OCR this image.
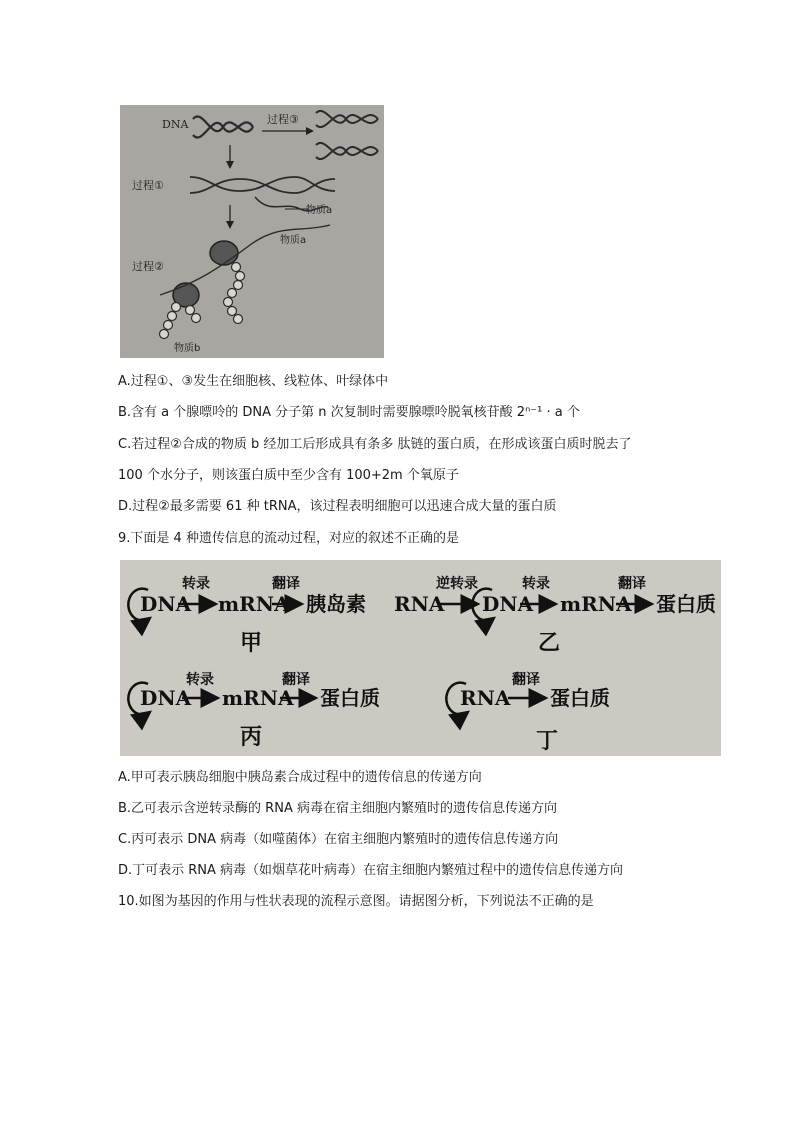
DNA	过程③
过程①
物质a
过程②
物质a
物质b
A.过程①、③发生在细胞核、线粒体、叶绿体中
B.含有 a 个腺嘌呤的 DNA 分子第 n 次复制时需要腺嘌呤脱氧核苷酸 2ⁿ⁻¹ · a 个
C.若过程②合成的物质 b 经加工后形成具有条多 肽链的蛋白质，在形成该蛋白质时脱去了
100 个水分子，则该蛋白质中至少含有 100+2m 个氧原子
D.过程②最多需要 61 种 tRNA，该过程表明细胞可以迅速合成大量的蛋白质
9.下面是 4 种遗传信息的流动过程，对应的叙述不正确的是
DNA
转录
mRNA
翻译
胰岛素
甲
RNA
逆转录
DNA
转录
mRNA
翻译
蛋白质
乙
DNA
转录
mRNA
翻译
蛋白质
丙
RNA
翻译
蛋白质
丁
A.甲可表示胰岛细胞中胰岛素合成过程中的遗传信息的传递方向
B.乙可表示含逆转录酶的 RNA 病毒在宿主细胞内繁殖时的遗传信息传递方向
C.丙可表示 DNA 病毒（如噬菌体）在宿主细胞内繁殖时的遗传信息传递方向
D.丁可表示 RNA 病毒（如烟草花叶病毒）在宿主细胞内繁殖过程中的遗传信息传递方向
10.如图为基因的作用与性状表现的流程示意图。请据图分析，下列说法不正确的是
